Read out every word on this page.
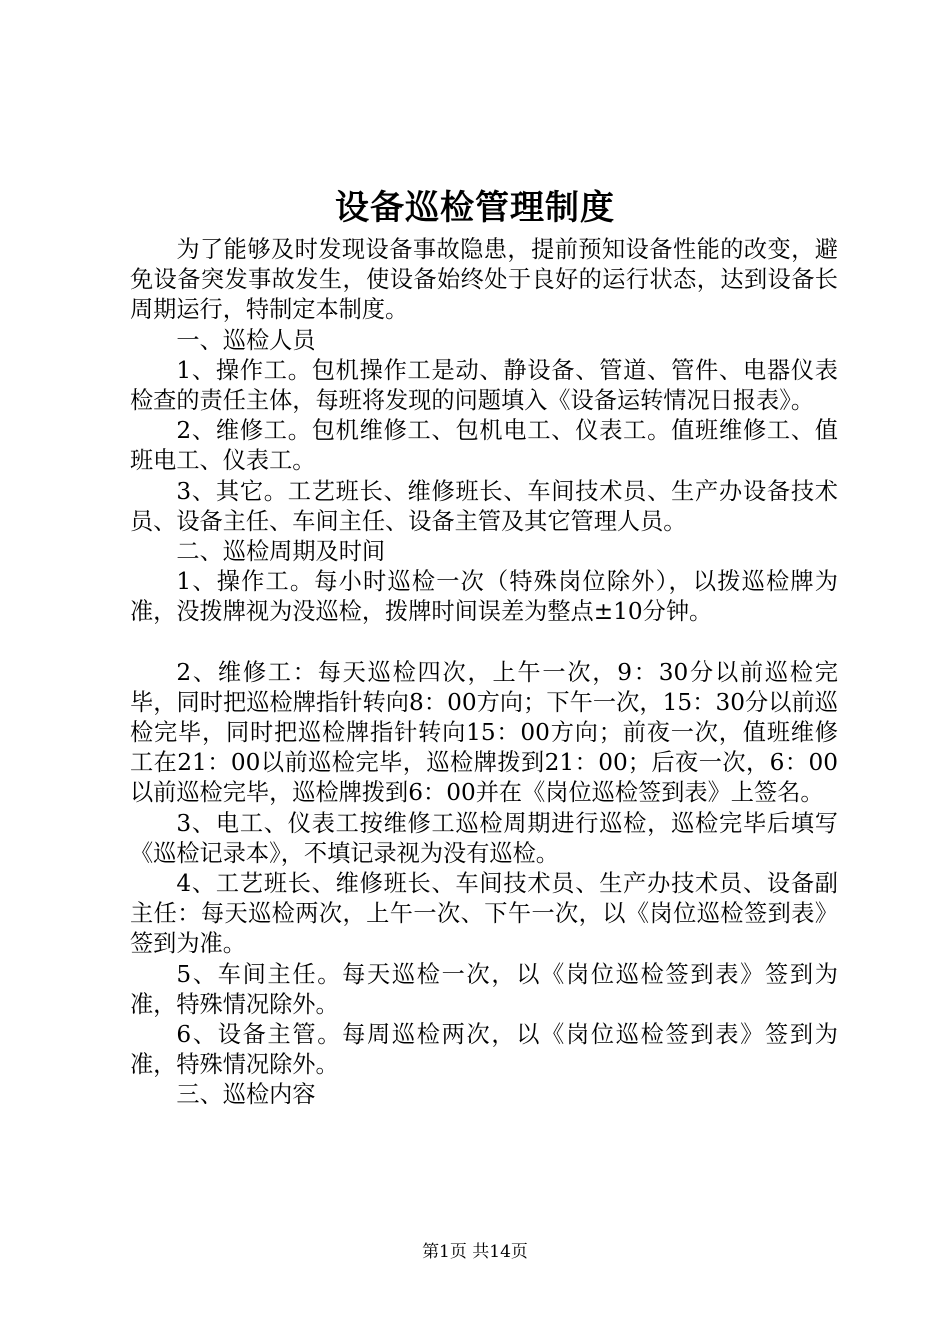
设备巡检管理制度

为了能够及时发现设备事故隐患，提前预知设备性能的改变，避免设备突发事故发生，使设备始终处于良好的运行状态，达到设备长周期运行，特制定本制度。

一、巡检人员

1、操作工。包机操作工是动、静设备、管道、管件、电器仪表检查的责任主体，每班将发现的问题填入《设备运转情况日报表》。

2、维修工。包机维修工、包机电工、仪表工。值班维修工、值班电工、仪表工。

3、其它。工艺班长、维修班长、车间技术员、生产办设备技术员、设备主任、车间主任、设备主管及其它管理人员。

二、巡检周期及时间

1、操作工。每小时巡检一次（特殊岗位除外），以拨巡检牌为准，没拨牌视为没巡检，拨牌时间误差为整点±10分钟。

2、维修工：每天巡检四次，上午一次，9：30分以前巡检完毕，同时把巡检牌指针转向8：00方向；下午一次，15：30分以前巡检完毕，同时把巡检牌指针转向15：00方向；前夜一次，值班维修工在21：00以前巡检完毕，巡检牌拨到21：00；后夜一次，6：00以前巡检完毕，巡检牌拨到6：00并在《岗位巡检签到表》上签名。

3、电工、仪表工按维修工巡检周期进行巡检，巡检完毕后填写《巡检记录本》，不填记录视为没有巡检。

4、工艺班长、维修班长、车间技术员、生产办技术员、设备副主任：每天巡检两次，上午一次、下午一次，以《岗位巡检签到表》签到为准。

5、车间主任。每天巡检一次，以《岗位巡检签到表》签到为准，特殊情况除外。

6、设备主管。每周巡检两次，以《岗位巡检签到表》签到为准，特殊情况除外。

三、巡检内容

第1页 共14页
